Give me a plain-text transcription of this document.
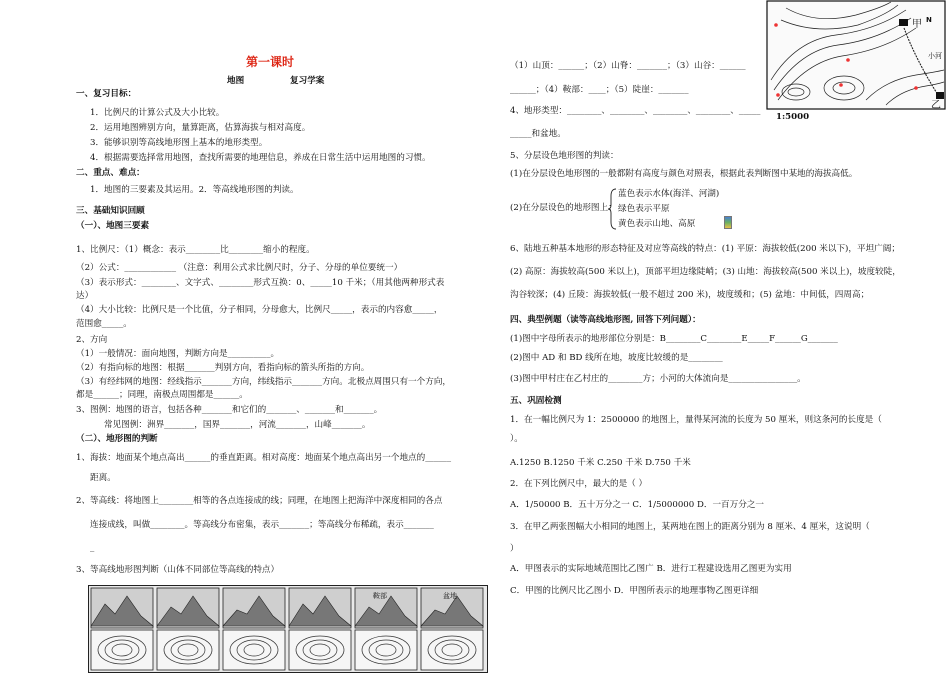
第一课时
地图	复习学案
一、复习目标：
1．比例尺的计算公式及大小比较。
2．运用地图辨别方向，量算距离，估算海拔与相对高度。
3．能够识别等高线地形图上基本的地形类型。
4．根据需要选择常用地图，查找所需要的地理信息，养成在日常生活中运用地图的习惯。
二、重点、难点：
1．地图的三要素及其运用。2．等高线地形图的判读。
三、基础知识回顾
（一）、地图三要素
1、比例尺：（1）概念：表示________比________缩小的程度。
（2）公式：____________ （注意：利用公式求比例尺时，分子、分母的单位要统一）
（3）表示形式：________、文字式、________形式互换：0、_____10 千米；（用其他两种形式表
达）
（4）大小比较：比例尺是一个比值，分子相同，分母愈大，比例尺_____，表示的内容愈_____，
范围愈_____。
2、方向
（1）一般情况：面向地图，判断方向是__________。
（2）有指向标的地图：根据_______判别方向，看指向标的箭头所指的方向。
（3）有经纬网的地图：经线指示_______方向，纬线指示_______方向。北极点周围只有一个方向，
都是______；同理，南极点周围都是______。
3、图例：地图的语言，包括各种_______和它们的_______、_______和_______。
常见图例：洲界_______，国界_______，河流_______，山峰_______。
（二）、地形图的判断
1、海拔：地面某个地点高出______的垂直距离。相对高度：地面某个地点高出另一个地点的______
距离。
2、等高线：将地图上________相等的各点连接成的线；同理，在地图上把海洋中深度相同的各点
连接成线，叫做________。等高线分布密集，表示_______；等高线分布稀疏，表示_______
_
3、等高线地形图判断（山体不同部位等高线的特点）
（1）山顶：______；（2）山脊：_______；（3）山谷：______
______；（4）鞍部：____；（5）陡崖：_______
4、地形类型：________、________、________、________、_____
_____和盆地。
5、分层设色地形图的判读：
(1)在分层设色地形图的一般都附有高度与颜色对照表，根据此表判断图中某地的海拔高低。
6、陆地五种基本地形的形态特征及对应等高线的特点：(1) 平原：海拔较低(200 米以下)，平坦广阔；
(2) 高原：海拔较高(500 米以上)，顶部平坦边缘陡峭；(3) 山地：海拔较高(500 米以上)，坡度较陡，
沟谷较深；(4) 丘陵：海拔较低(一般不超过 200 米)，坡度缓和；(5) 盆地：中间低，四周高；
四、典型例题（读等高线地形图, 回答下列问题）：
(1)图中字母所表示的地形部位分别是：B________C________E_____F______G_______
(2)图中 AD 和 BD 线所在地，坡度比较缓的是________
(3)图中甲村庄在乙村庄的________方；小河的大体流向是________________。
五、巩固检测
1．在一幅比例尺为 1：2500000 的地图上，量得某河流的长度为 50 厘米，则这条河的长度是（
）。
A.1250 B.1250 千米 C.250 千米 D.750 千米
2．在下列比例尺中，最大的是（ ）
A．1/50000 B．五十万分之一 C．1/5000000 D．一百万分之一
3．在甲乙两张图幅大小相同的地图上，某两地在图上的距离分别为 8 厘米、4 厘米，这说明（
）
A．甲图表示的实际地域范围比乙图广 B．进行工程建设选用乙图更为实用
C．甲图的比例尺比乙图小 D．甲图所表示的地理事物乙图更详细
(2)在分层设色的地形图上：
蓝色表示水体(海洋、河湖)
绿色表示平原
黄色表示山地、高原
甲
乙
小河
N
1:5000
鞍部	盆地
